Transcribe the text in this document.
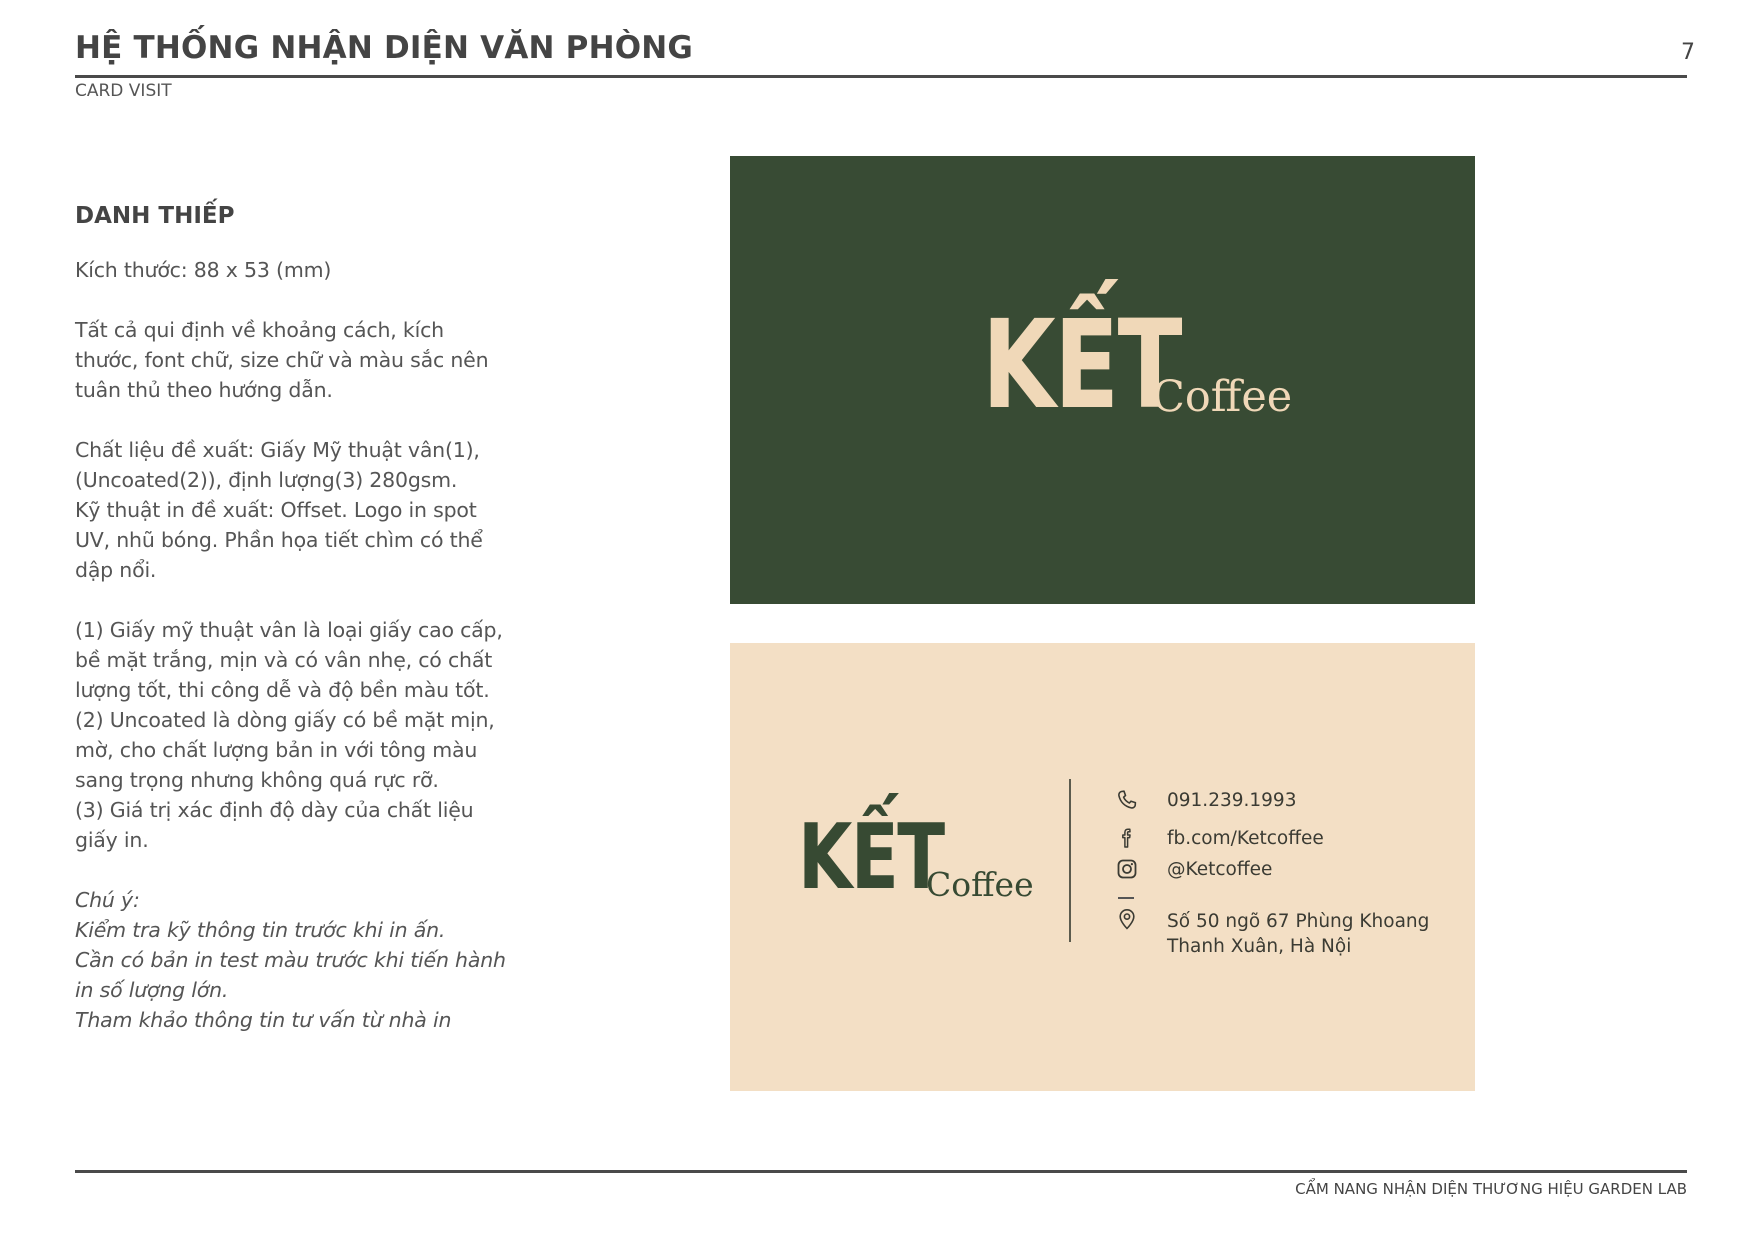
HỆ THỐNG NHẬN DIỆN VĂN PHÒNG	7
CARD VISIT
DANH THIẾP

Kích thước: 88 x 53 (mm)

Tất cả qui định về khoảng cách, kích
thước, font chữ, size chữ và màu sắc nên
tuân thủ theo hướng dẫn.

Chất liệu đề xuất: Giấy Mỹ thuật vân(1),
(Uncoated(2)), định lượng(3) 280gsm.
Kỹ thuật in đề xuất: Offset. Logo in spot
UV, nhũ bóng. Phần họa tiết chìm có thể
dập nổi.

(1) Giấy mỹ thuật vân là loại giấy cao cấp,
bề mặt trắng, mịn và có vân nhẹ, có chất
lượng tốt, thi công dễ và độ bền màu tốt.
(2) Uncoated là dòng giấy có bề mặt mịn,
mờ, cho chất lượng bản in với tông màu
sang trọng nhưng không quá rực rỡ.
(3) Giá trị xác định độ dày của chất liệu
giấy in.

Chú ý:
Kiểm tra kỹ thông tin trước khi in ấn.
Cần có bản in test màu trước khi tiến hành
in số lượng lớn.
Tham khảo thông tin tư vấn từ nhà in

KẾT
Coffee
KẾT
Coffee
091.239.1993
fb.com/Ketcoffee
@Ketcoffee
Số 50 ngõ 67 Phùng Khoang
Thanh Xuân, Hà Nội
CẨM NANG NHẬN DIỆN THƯƠNG HIỆU GARDEN LAB
